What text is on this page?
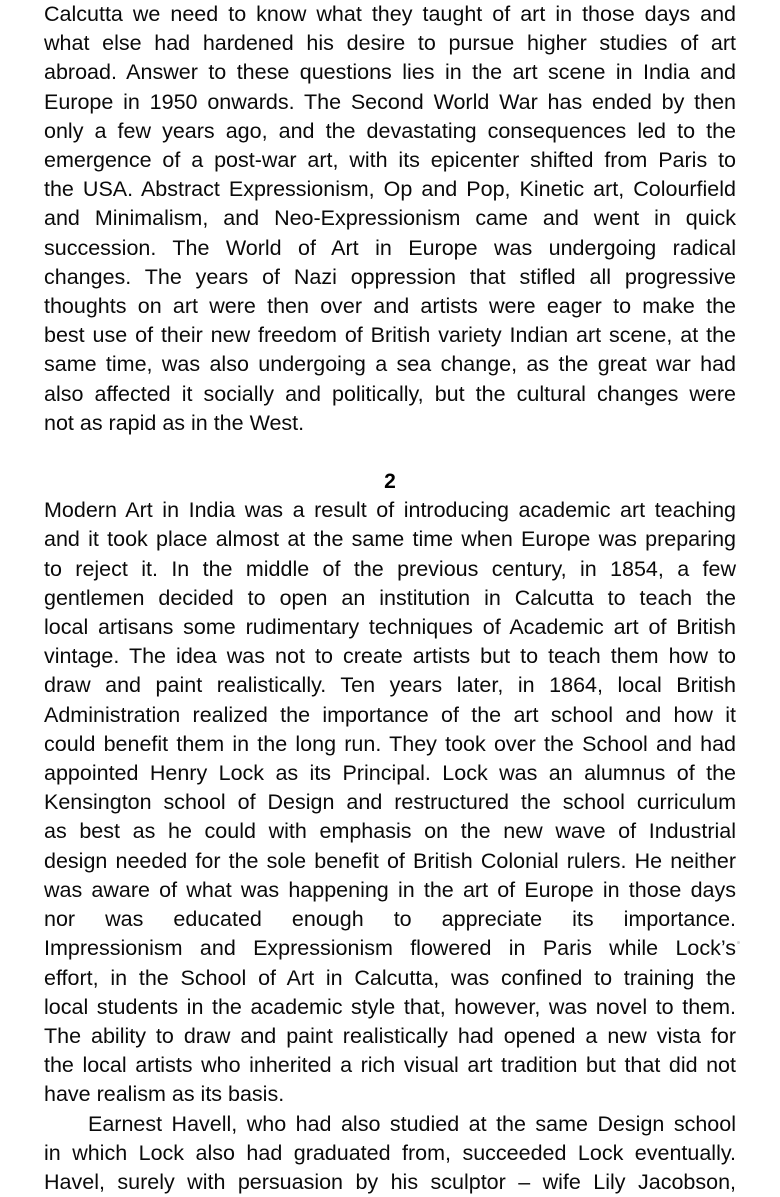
Calcutta we need to know what they taught of art in those days and
what else had hardened his desire to pursue higher studies of art
abroad. Answer to these questions lies in the art scene in India and
Europe in 1950 onwards. The Second World War has ended by then
only a few years ago, and the devastating consequences led to the
emergence of a post-war art, with its epicenter shifted from Paris to
the USA. Abstract Expressionism, Op and Pop, Kinetic art, Colourfield
and Minimalism, and Neo-Expressionism came and went in quick
succession. The World of Art in Europe was undergoing radical
changes. The years of Nazi oppression that stifled all progressive
thoughts on art were then over and artists were eager to make the
best use of their new freedom of British variety Indian art scene, at the
same time, was also undergoing a sea change, as the great war had
also affected it socially and politically, but the cultural changes were
not as rapid as in the West.
2
Modern Art in India was a result of introducing academic art teaching
and it took place almost at the same time when Europe was preparing
to reject it. In the middle of the previous century, in 1854, a few
gentlemen decided to open an institution in Calcutta to teach the
local artisans some rudimentary techniques of Academic art of British
vintage. The idea was not to create artists but to teach them how to
draw and paint realistically. Ten years later, in 1864, local British
Administration realized the importance of the art school and how it
could benefit them in the long run. They took over the School and had
appointed Henry Lock as its Principal. Lock was an alumnus of the
Kensington school of Design and restructured the school curriculum
as best as he could with emphasis on the new wave of Industrial
design needed for the sole benefit of British Colonial rulers. He neither
was aware of what was happening in the art of Europe in those days
nor was educated enough to appreciate its importance.
Impressionism and Expressionism flowered in Paris while Lock’s
effort, in the School of Art in Calcutta, was confined to training the
local students in the academic style that, however, was novel to them.
The ability to draw and paint realistically had opened a new vista for
the local artists who inherited a rich visual art tradition but that did not
have realism as its basis.
Earnest Havell, who had also studied at the same Design school
in which Lock also had graduated from, succeeded Lock eventually.
Havel, surely with persuasion by his sculptor – wife Lily Jacobson,
